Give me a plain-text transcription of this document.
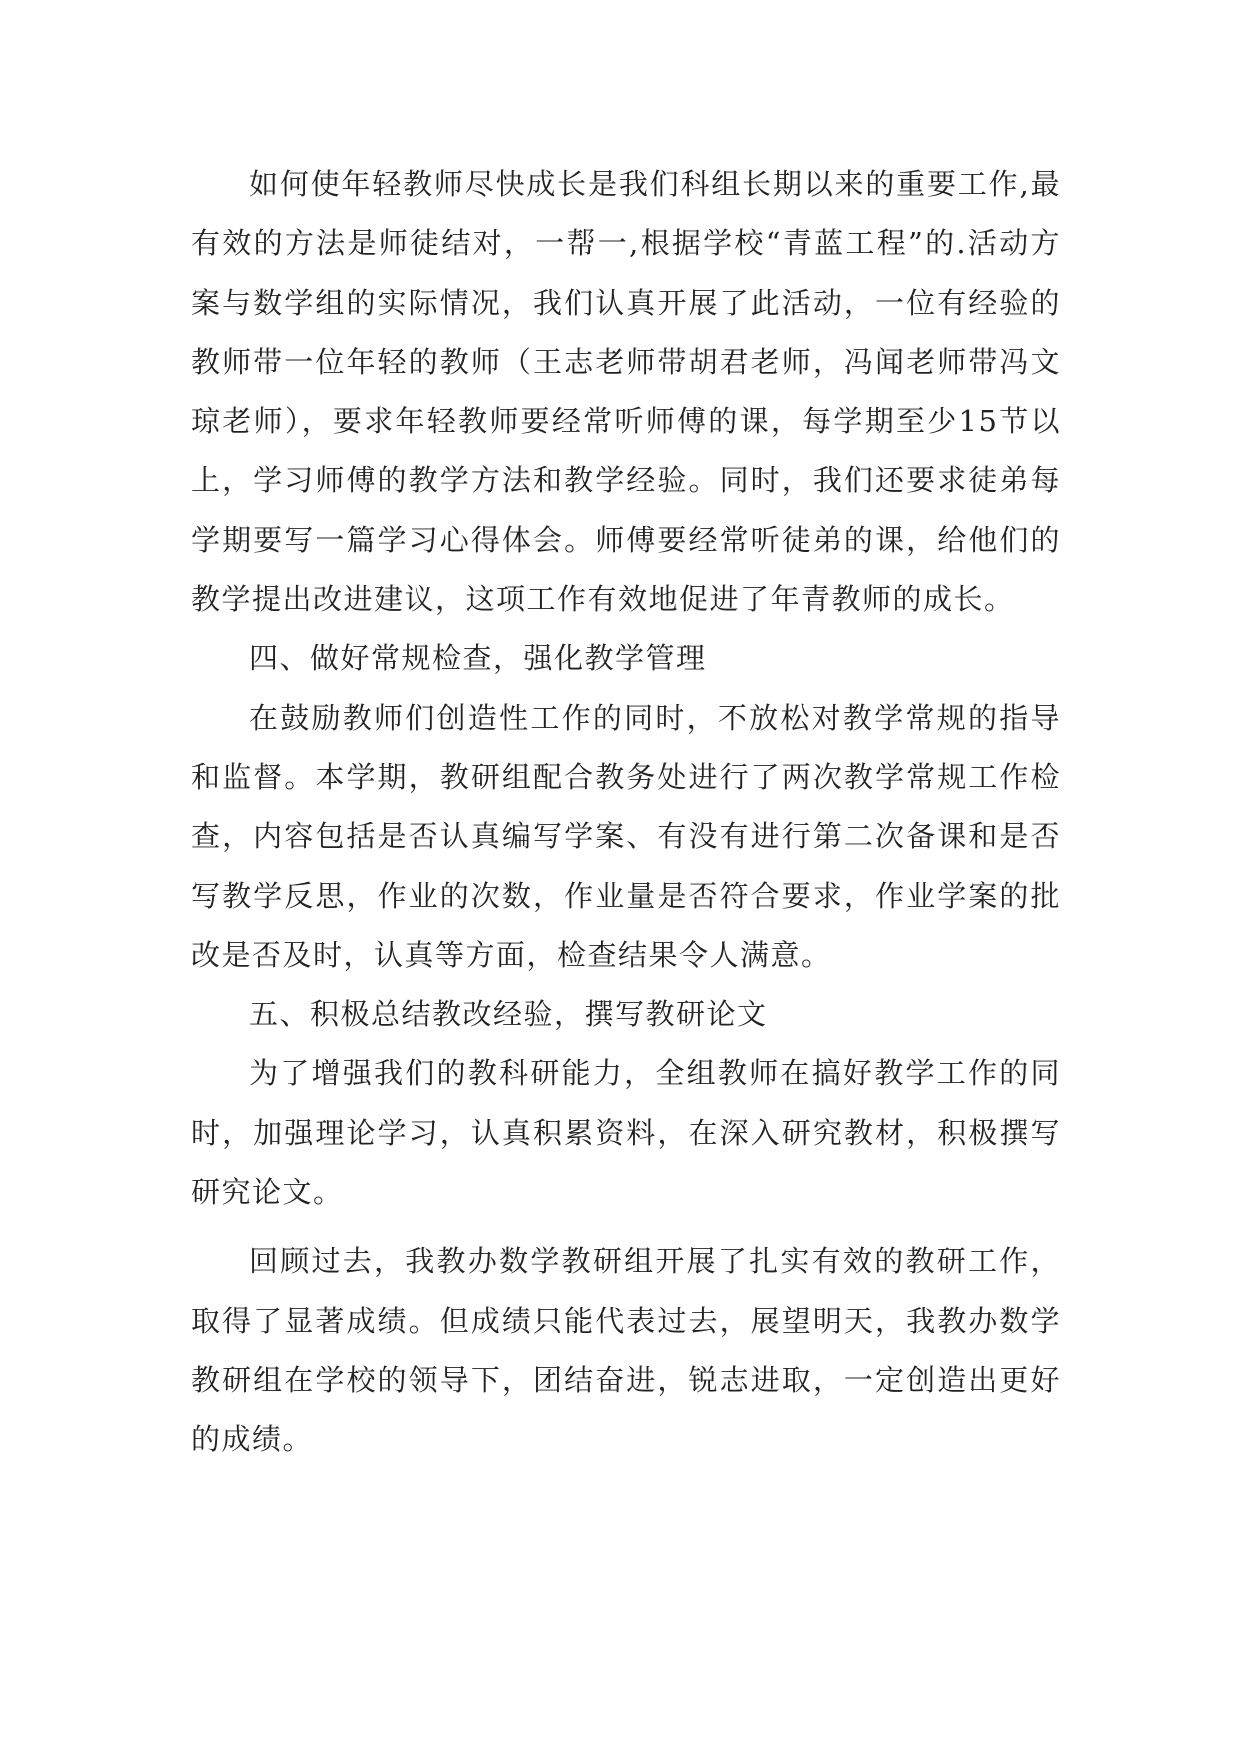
如何使年轻教师尽快成长是我们科组长期以来的重要工作,最有效的方法是师徒结对，一帮一,根据学校“青蓝工程”的.活动方案与数学组的实际情况，我们认真开展了此活动，一位有经验的教师带一位年轻的教师（王志老师带胡君老师，冯闻老师带冯文琼老师），要求年轻教师要经常听师傅的课，每学期至少15节以上，学习师傅的教学方法和教学经验。同时，我们还要求徒弟每学期要写一篇学习心得体会。师傅要经常听徒弟的课，给他们的教学提出改进建议，这项工作有效地促进了年青教师的成长。

四、做好常规检查，强化教学管理

在鼓励教师们创造性工作的同时，不放松对教学常规的指导和监督。本学期，教研组配合教务处进行了两次教学常规工作检查，内容包括是否认真编写学案、有没有进行第二次备课和是否写教学反思，作业的次数，作业量是否符合要求，作业学案的批改是否及时，认真等方面，检查结果令人满意。

五、积极总结教改经验，撰写教研论文

为了增强我们的教科研能力，全组教师在搞好教学工作的同时，加强理论学习，认真积累资料，在深入研究教材，积极撰写研究论文。

回顾过去，我教办数学教研组开展了扎实有效的教研工作，取得了显著成绩。但成绩只能代表过去，展望明天，我教办数学教研组在学校的领导下，团结奋进，锐志进取，一定创造出更好的成绩。
